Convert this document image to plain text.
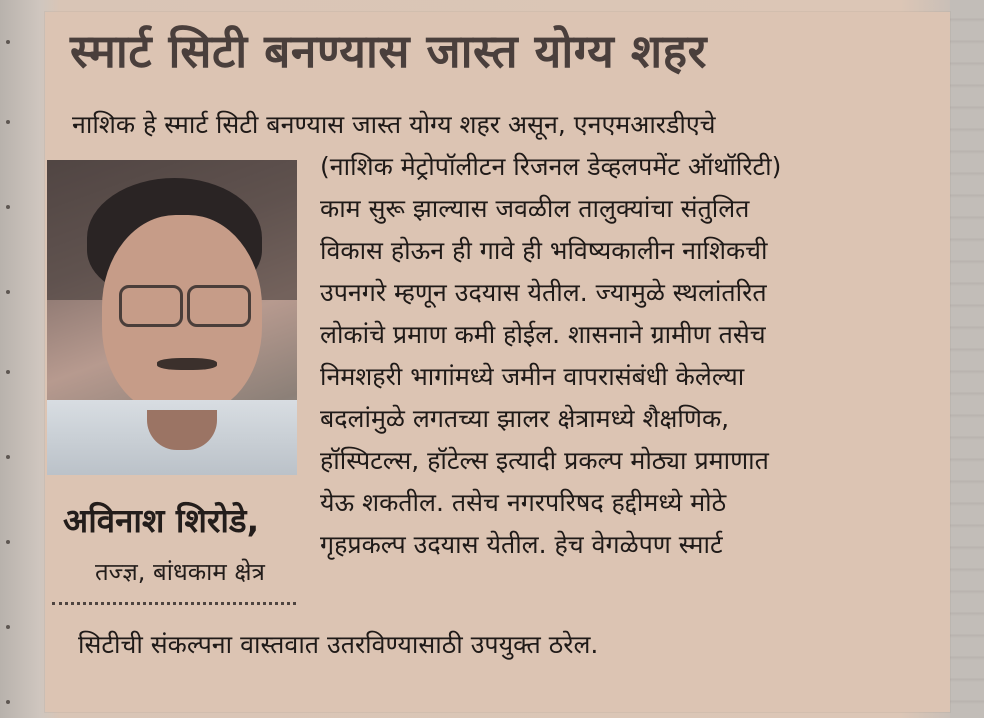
स्मार्ट सिटी बनण्यास जास्त योग्य शहर
नाशिक हे स्मार्ट सिटी बनण्यास जास्त योग्य शहर असून, एनएमआरडीएचे
(नाशिक मेट्रोपॉलीटन रिजनल डेव्हलपमेंट ऑथॉरिटी)
काम सुरू झाल्यास जवळील तालुक्यांचा संतुलित
विकास होऊन ही गावे ही भविष्यकालीन नाशिकची
उपनगरे म्हणून उदयास येतील. ज्यामुळे स्थलांतरित
लोकांचे प्रमाण कमी होईल. शासनाने ग्रामीण तसेच
निमशहरी भागांमध्ये जमीन वापरासंबंधी केलेल्या
बदलांमुळे लगतच्या झालर क्षेत्रामध्ये शैक्षणिक,
हॉस्पिटल्स, हॉटेल्स इत्यादी प्रकल्प मोठ्या प्रमाणात
येऊ शकतील. तसेच नगरपरिषद हद्दीमध्ये मोठे
गृहप्रकल्प उदयास येतील. हेच वेगळेपण स्मार्ट
सिटीची संकल्पना वास्तवात उतरविण्यासाठी उपयुक्त ठरेल.
अविनाश शिरोडे,
तज्ज्ञ, बांधकाम क्षेत्र
